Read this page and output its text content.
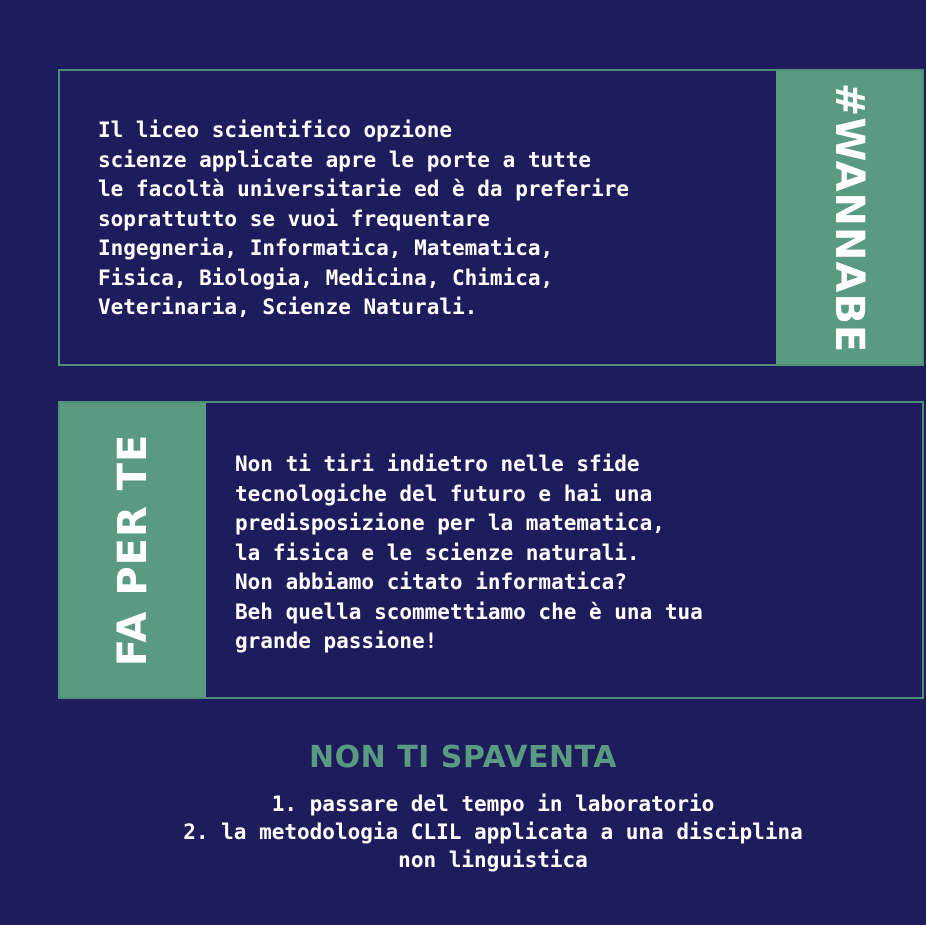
Il liceo scientifico opzione
scienze applicate apre le porte a tutte
le facoltà universitarie ed è da preferire
soprattutto se vuoi frequentare
Ingegneria, Informatica, Matematica,
Fisica, Biologia, Medicina, Chimica,
Veterinaria, Scienze Naturali.	#WANNABE
FA PER TE	Non ti tiri indietro nelle sfide
tecnologiche del futuro e hai una
predisposizione per la matematica,
la fisica e le scienze naturali.
Non abbiamo citato informatica?
Beh quella scommettiamo che è una tua
grande passione!

NON TI SPAVENTA
1. passare del tempo in laboratorio
2. la metodologia CLIL applicata a una disciplina
non linguistica
